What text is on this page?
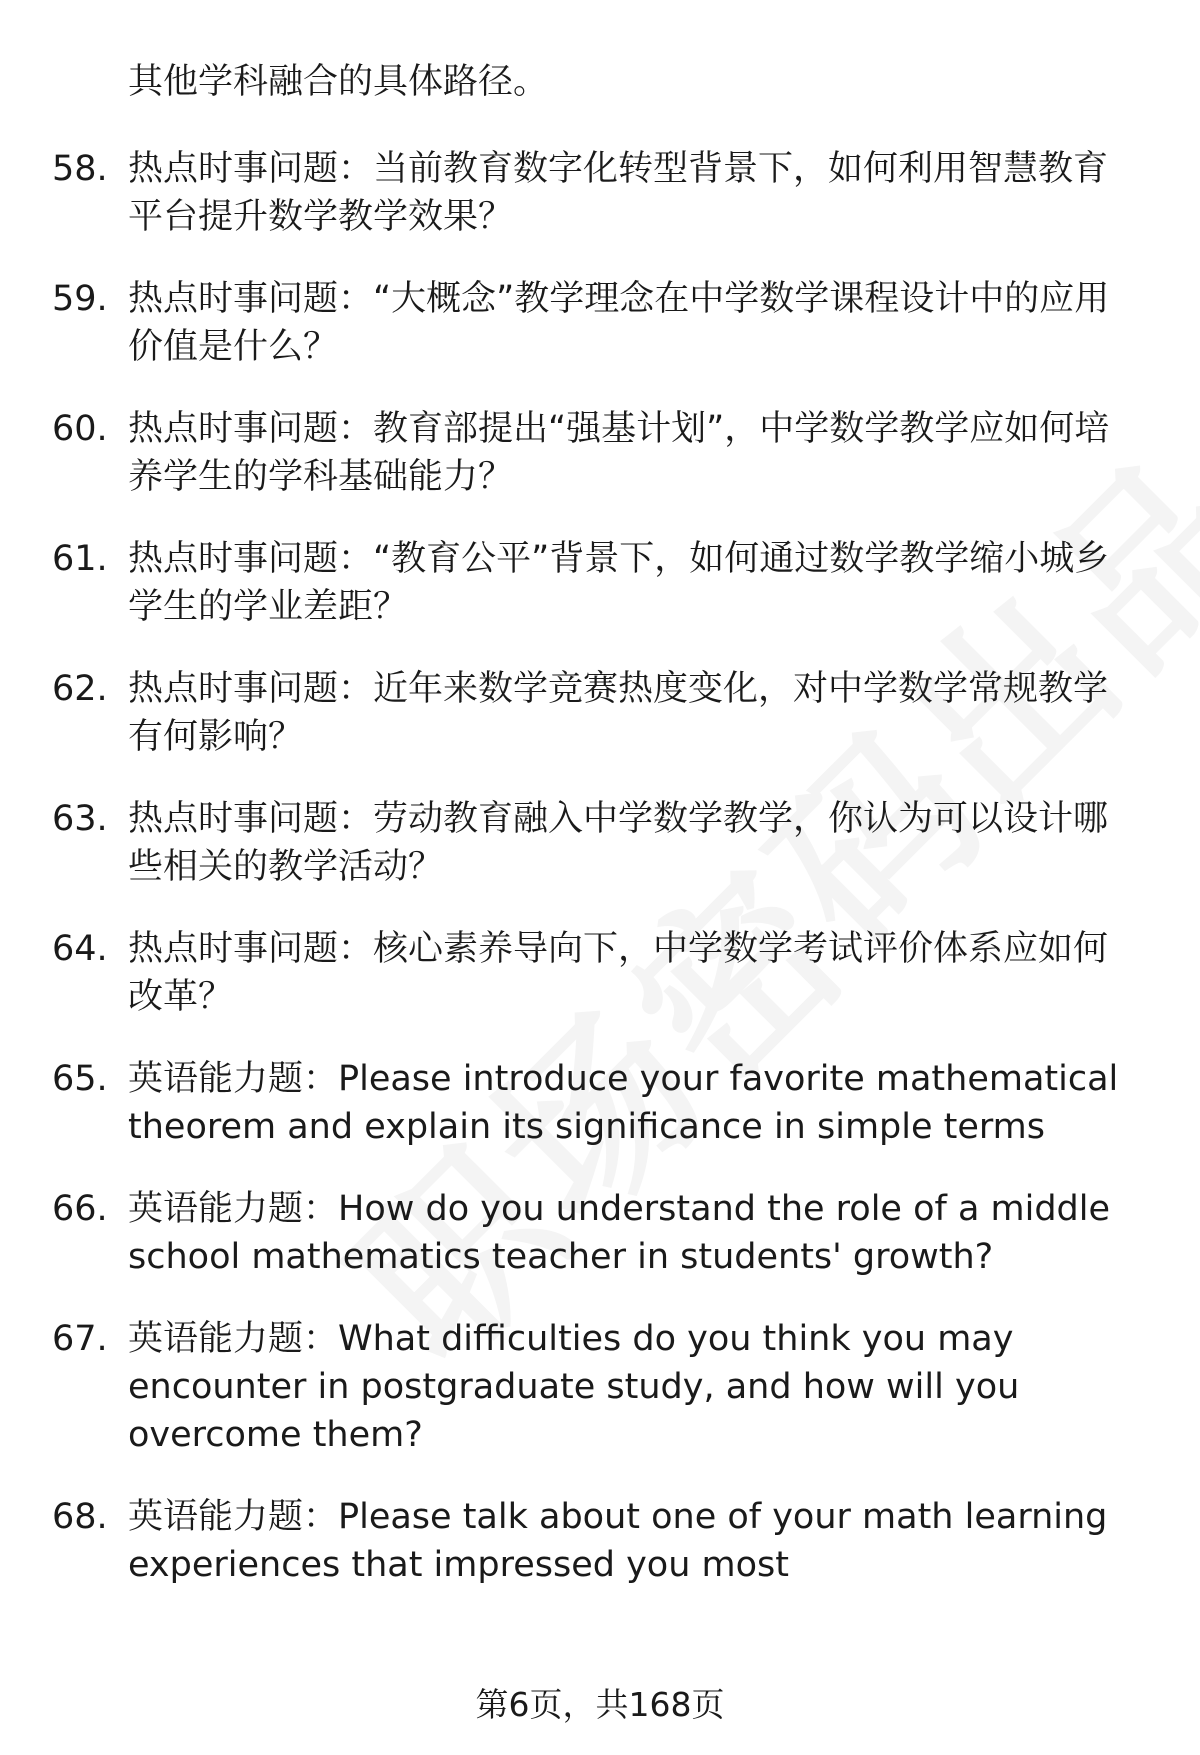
其他学科融合的具体路径。
58. 热点时事问题：当前教育数字化转型背景下，如何利用智慧教育平台提升数学教学效果？
59. 热点时事问题：“大概念”教学理念在中学数学课程设计中的应用价值是什么？
60. 热点时事问题：教育部提出“强基计划”，中学数学教学应如何培养学生的学科基础能力？
61. 热点时事问题：“教育公平”背景下，如何通过数学教学缩小城乡学生的学业差距？
62. 热点时事问题：近年来数学竞赛热度变化，对中学数学常规教学有何影响？
63. 热点时事问题：劳动教育融入中学数学教学，你认为可以设计哪些相关的教学活动？
64. 热点时事问题：核心素养导向下，中学数学考试评价体系应如何改革？
65. 英语能力题：Please introduce your favorite mathematical theorem and explain its significance in simple terms
66. 英语能力题：How do you understand the role of a middle school mathematics teacher in students' growth?
67. 英语能力题：What difficulties do you think you may encounter in postgraduate study, and how will you overcome them?
68. 英语能力题：Please talk about one of your math learning experiences that impressed you most
第6页，共168页
